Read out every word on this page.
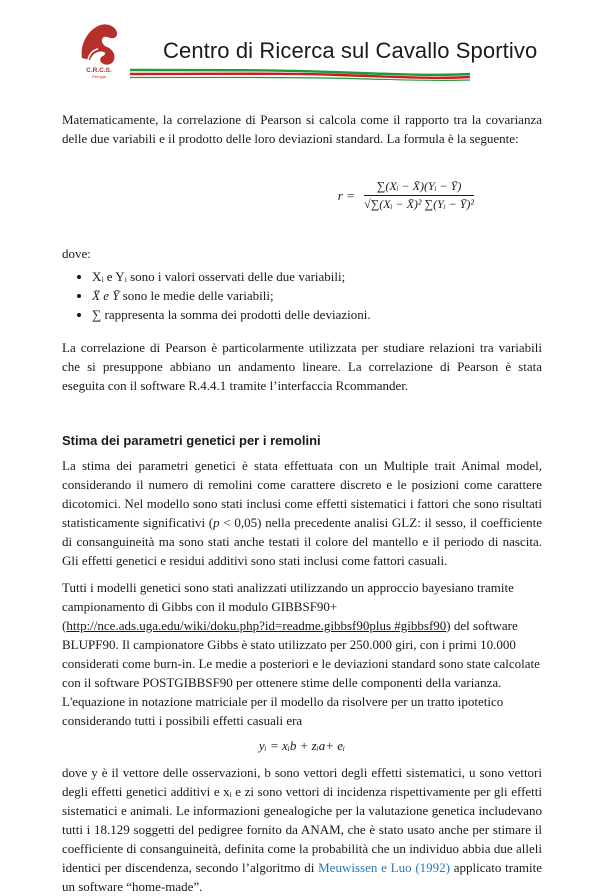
C.R.C.S.
Perugia
Centro di Ricerca sul Cavallo Sportivo

Matematicamente, la correlazione di Pearson si calcola come il rapporto tra la covarianza delle due variabili e il prodotto delle loro deviazioni standard. La formula è la seguente:

$r = \frac{\text{∑(Xᵢ − X̄)(Yᵢ − Ȳ)}}{\text{√∑(Xᵢ − X̄)² ∑(Yᵢ − Ȳ)²}}$

dove:

• Xᵢ e Yᵢ sono i valori osservati delle due variabili;
• X̄ e Ȳ sono le medie delle variabili;
• ∑ rappresenta la somma dei prodotti delle deviazioni.

La correlazione di Pearson è particolarmente utilizzata per studiare relazioni tra variabili che si presuppone abbiano un andamento lineare. La correlazione di Pearson è stata eseguita con il software R.4.4.1 tramite l’interfaccia Rcommander.

Stima dei parametri genetici per i remolini

La stima dei parametri genetici è stata effettuata con un Multiple trait Animal model, considerando il numero di remolini come carattere discreto e le posizioni come carattere dicotomici. Nel modello sono stati inclusi come effetti sistematici i fattori che sono risultati statisticamente significativi (p < 0,05) nella precedente analisi GLZ: il sesso, il coefficiente di consanguineità ma sono stati anche testati il colore del mantello e il periodo di nascita. Gli effetti genetici e residui additivi sono stati inclusi come fattori casuali.

Tutti i modelli genetici sono stati analizzati utilizzando un approccio bayesiano tramite campionamento di Gibbs con il modulo GIBBSF90+ (http://nce.ads.uga.edu/wiki/doku.php?id=readme.gibbsf90plus #gibbsf90) del software BLUPF90. Il campionatore Gibbs è stato utilizzato per 250.000 giri, con i primi 10.000 considerati come burn-in. Le medie a posteriori e le deviazioni standard sono state calcolate con il software POSTGIBBSF90 per ottenere stime delle componenti della varianza. L'equazione in notazione matriciale per il modello da risolvere per un tratto ipotetico considerando tutti i possibili effetti casuali era

yᵢ = xᵢb + zᵢa+ eᵢ

dove y è il vettore delle osservazioni, b sono vettori degli effetti sistematici, u sono vettori degli effetti genetici additivi e xᵢ e zi sono vettori di incidenza rispettivamente per gli effetti sistematici e animali. Le informazioni genealogiche per la valutazione genetica includevano tutti i 18.129 soggetti del pedigree fornito da ANAM, che è stato usato anche per stimare il coefficiente di consanguineità, definita come la probabilità che un individuo abbia due alleli identici per discendenza, secondo l’algoritmo di Meuwissen e Luo (1992) applicato tramite un software “home-made”.
